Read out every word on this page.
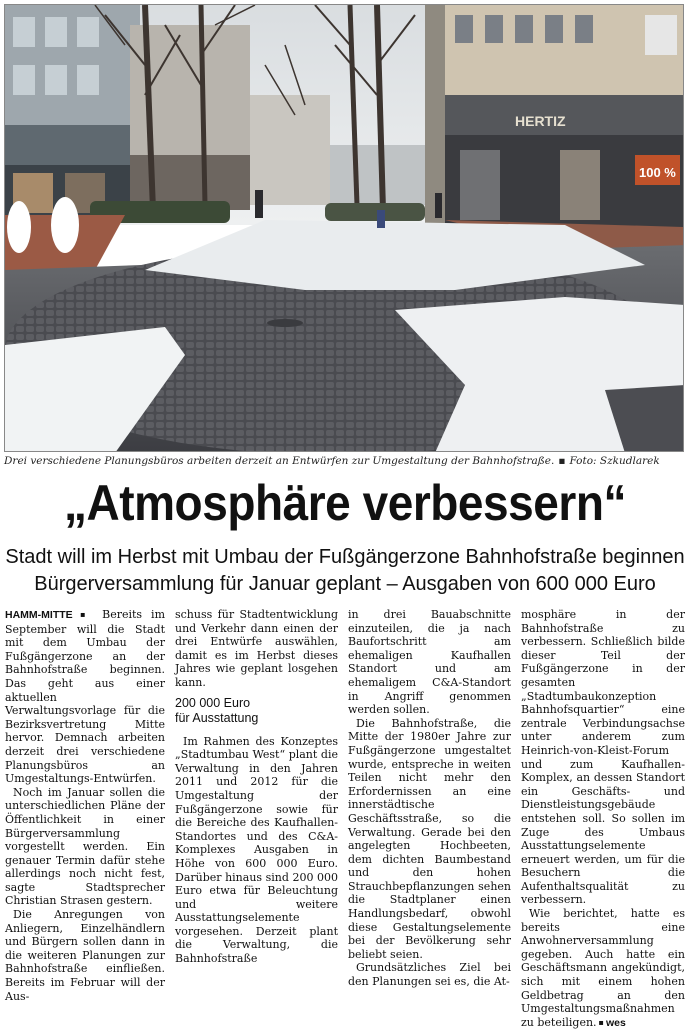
HERTIZ
100 %
Drei verschiedene Planungsbüros arbeiten derzeit an Entwürfen zur Umgestaltung der Bahnhofstraße. ▪ Foto: Szkudlarek
„Atmosphäre verbessern“
Stadt will im Herbst mit Umbau der Fußgängerzone Bahnhofstraße beginnen
Bürgerversammlung für Januar geplant – Ausgaben von 600 000 Euro

HAMM-MITTE ▪ Bereits im September will die Stadt mit dem Umbau der Fußgängerzone an der Bahnhofstraße beginnen. Das geht aus einer aktuellen Verwaltungsvorlage für die Bezirksvertretung Mitte hervor. Demnach arbeiten derzeit drei verschiedene Planungsbüros an Umgestaltungs-Entwürfen.

Noch im Januar sollen die unterschiedlichen Pläne der Öffentlichkeit in einer Bürgerversammlung vorgestellt werden. Ein genauer Termin dafür stehe allerdings noch nicht fest, sagte Stadtsprecher Christian Strasen gestern.

Die Anregungen von Anliegern, Einzelhändlern und Bürgern sollen dann in die weiteren Planungen zur Bahnhofstraße einfließen. Bereits im Februar will der Aus-

schuss für Stadtentwicklung und Verkehr dann einen der drei Entwürfe auswählen, damit es im Herbst dieses Jahres wie geplant losgehen kann.

200 000 Euro
für Ausstattung

Im Rahmen des Konzeptes „Stadtumbau West“ plant die Verwaltung in den Jahren 2011 und 2012 für die Umgestaltung der Fußgängerzone sowie für die Bereiche des Kaufhallen-Standortes und des C&A- Komplexes Ausgaben in Höhe von 600 000 Euro. Darüber hinaus sind 200 000 Euro etwa für Beleuchtung und weitere Ausstattungselemente vorgesehen. Derzeit plant die Verwaltung, die Bahnhofstraße

in drei Bauabschnitte einzuteilen, die ja nach Baufortschritt am ehemaligen Kaufhallen Standort und am ehemaligem C&A-Standort in Angriff genommen werden sollen.

Die Bahnhofstraße, die Mitte der 1980er Jahre zur Fußgängerzone umgestaltet wurde, entspreche in weiten Teilen nicht mehr den Erfordernissen an eine innerstädtische Geschäftsstraße, so die Verwaltung. Gerade bei den angelegten Hochbeeten, dem dichten Baumbestand und den hohen Strauchbepflanzungen sehen die Stadtplaner einen Handlungsbedarf, obwohl diese Gestaltungselemente bei der Bevölkerung sehr beliebt seien.

Grundsätzliches Ziel bei den Planungen sei es, die At-

mosphäre in der Bahnhofstraße zu verbessern. Schließlich bilde dieser Teil der Fußgängerzone in der gesamten „Stadtumbaukonzeption Bahnhofsquartier“ eine zentrale Verbindungsachse unter anderem zum Heinrich-von-Kleist-Forum und zum Kaufhallen-Komplex, an dessen Standort ein Geschäfts- und Dienstleistungsgebäude entstehen soll. So sollen im Zuge des Umbaus Ausstattungselemente erneuert werden, um für die Besuchern die Aufenthaltsqualität zu verbessern.

Wie berichtet, hatte es bereits eine Anwohnerversammlung gegeben. Auch hatte ein Geschäftsmann angekündigt, sich mit einem hohen Geldbetrag an den Umgestaltungsmaßnahmen zu beteiligen. ▪ wes
